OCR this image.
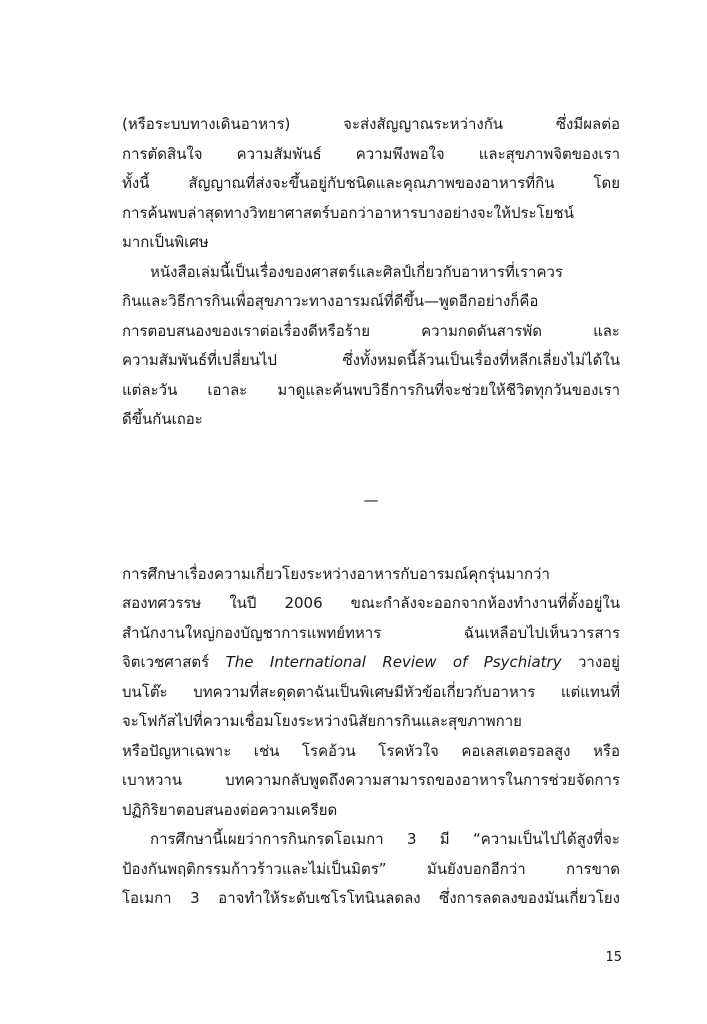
(หรือระบบทางเดินอาหาร) จะส่งสัญญาณระหว่างกัน ซึ่งมีผลต่อ
การตัดสินใจ ความสัมพันธ์ ความพึงพอใจ และสุขภาพจิตของเรา
ทั้งนี้ สัญญาณที่ส่งจะขึ้นอยู่กับชนิดและคุณภาพของอาหารที่กิน โดย
การค้นพบล่าสุดทางวิทยาศาสตร์บอกว่าอาหารบางอย่างจะให้ประโยชน์
มากเป็นพิเศษ
หนังสือเล่มนี้เป็นเรื่องของศาสตร์และศิลป์เกี่ยวกับอาหารที่เราควร
กินและวิธีการกินเพื่อสุขภาวะทางอารมณ์ที่ดีขึ้น—พูดอีกอย่างก็คือ
การตอบสนองของเราต่อเรื่องดีหรือร้าย ความกดดันสารพัด และ
ความสัมพันธ์ที่เปลี่ยนไป ซึ่งทั้งหมดนี้ล้วนเป็นเรื่องที่หลีกเลี่ยงไม่ได้ใน
แต่ละวัน เอาละ มาดูและค้นพบวิธีการกินที่จะช่วยให้ชีวิตทุกวันของเรา
ดีขึ้นกันเถอะ
—
การศึกษาเรื่องความเกี่ยวโยงระหว่างอาหารกับอารมณ์คุกรุ่นมากว่า
สองทศวรรษ ในปี 2006 ขณะกำลังจะออกจากห้องทำงานที่ตั้งอยู่ใน
สำนักงานใหญ่กองบัญชาการแพทย์ทหาร ฉันเหลือบไปเห็นวารสาร
จิตเวชศาสตร์ The International Review of Psychiatry วางอยู่
บนโต๊ะ บทความที่สะดุดตาฉันเป็นพิเศษมีหัวข้อเกี่ยวกับอาหาร แต่แทนที่
จะโฟกัสไปที่ความเชื่อมโยงระหว่างนิสัยการกินและสุขภาพกาย
หรือปัญหาเฉพาะ เช่น โรคอ้วน โรคหัวใจ คอเลสเตอรอลสูง หรือ
เบาหวาน บทความกลับพูดถึงความสามารถของอาหารในการช่วยจัดการ
ปฏิกิริยาตอบสนองต่อความเครียด
การศึกษานี้เผยว่าการกินกรดโอเมกา 3 มี “ความเป็นไปได้สูงที่จะ
ป้องกันพฤติกรรมก้าวร้าวและไม่เป็นมิตร” มันยังบอกอีกว่า การขาด
โอเมกา 3 อาจทำให้ระดับเซโรโทนินลดลง ซึ่งการลดลงของมันเกี่ยวโยง
15
